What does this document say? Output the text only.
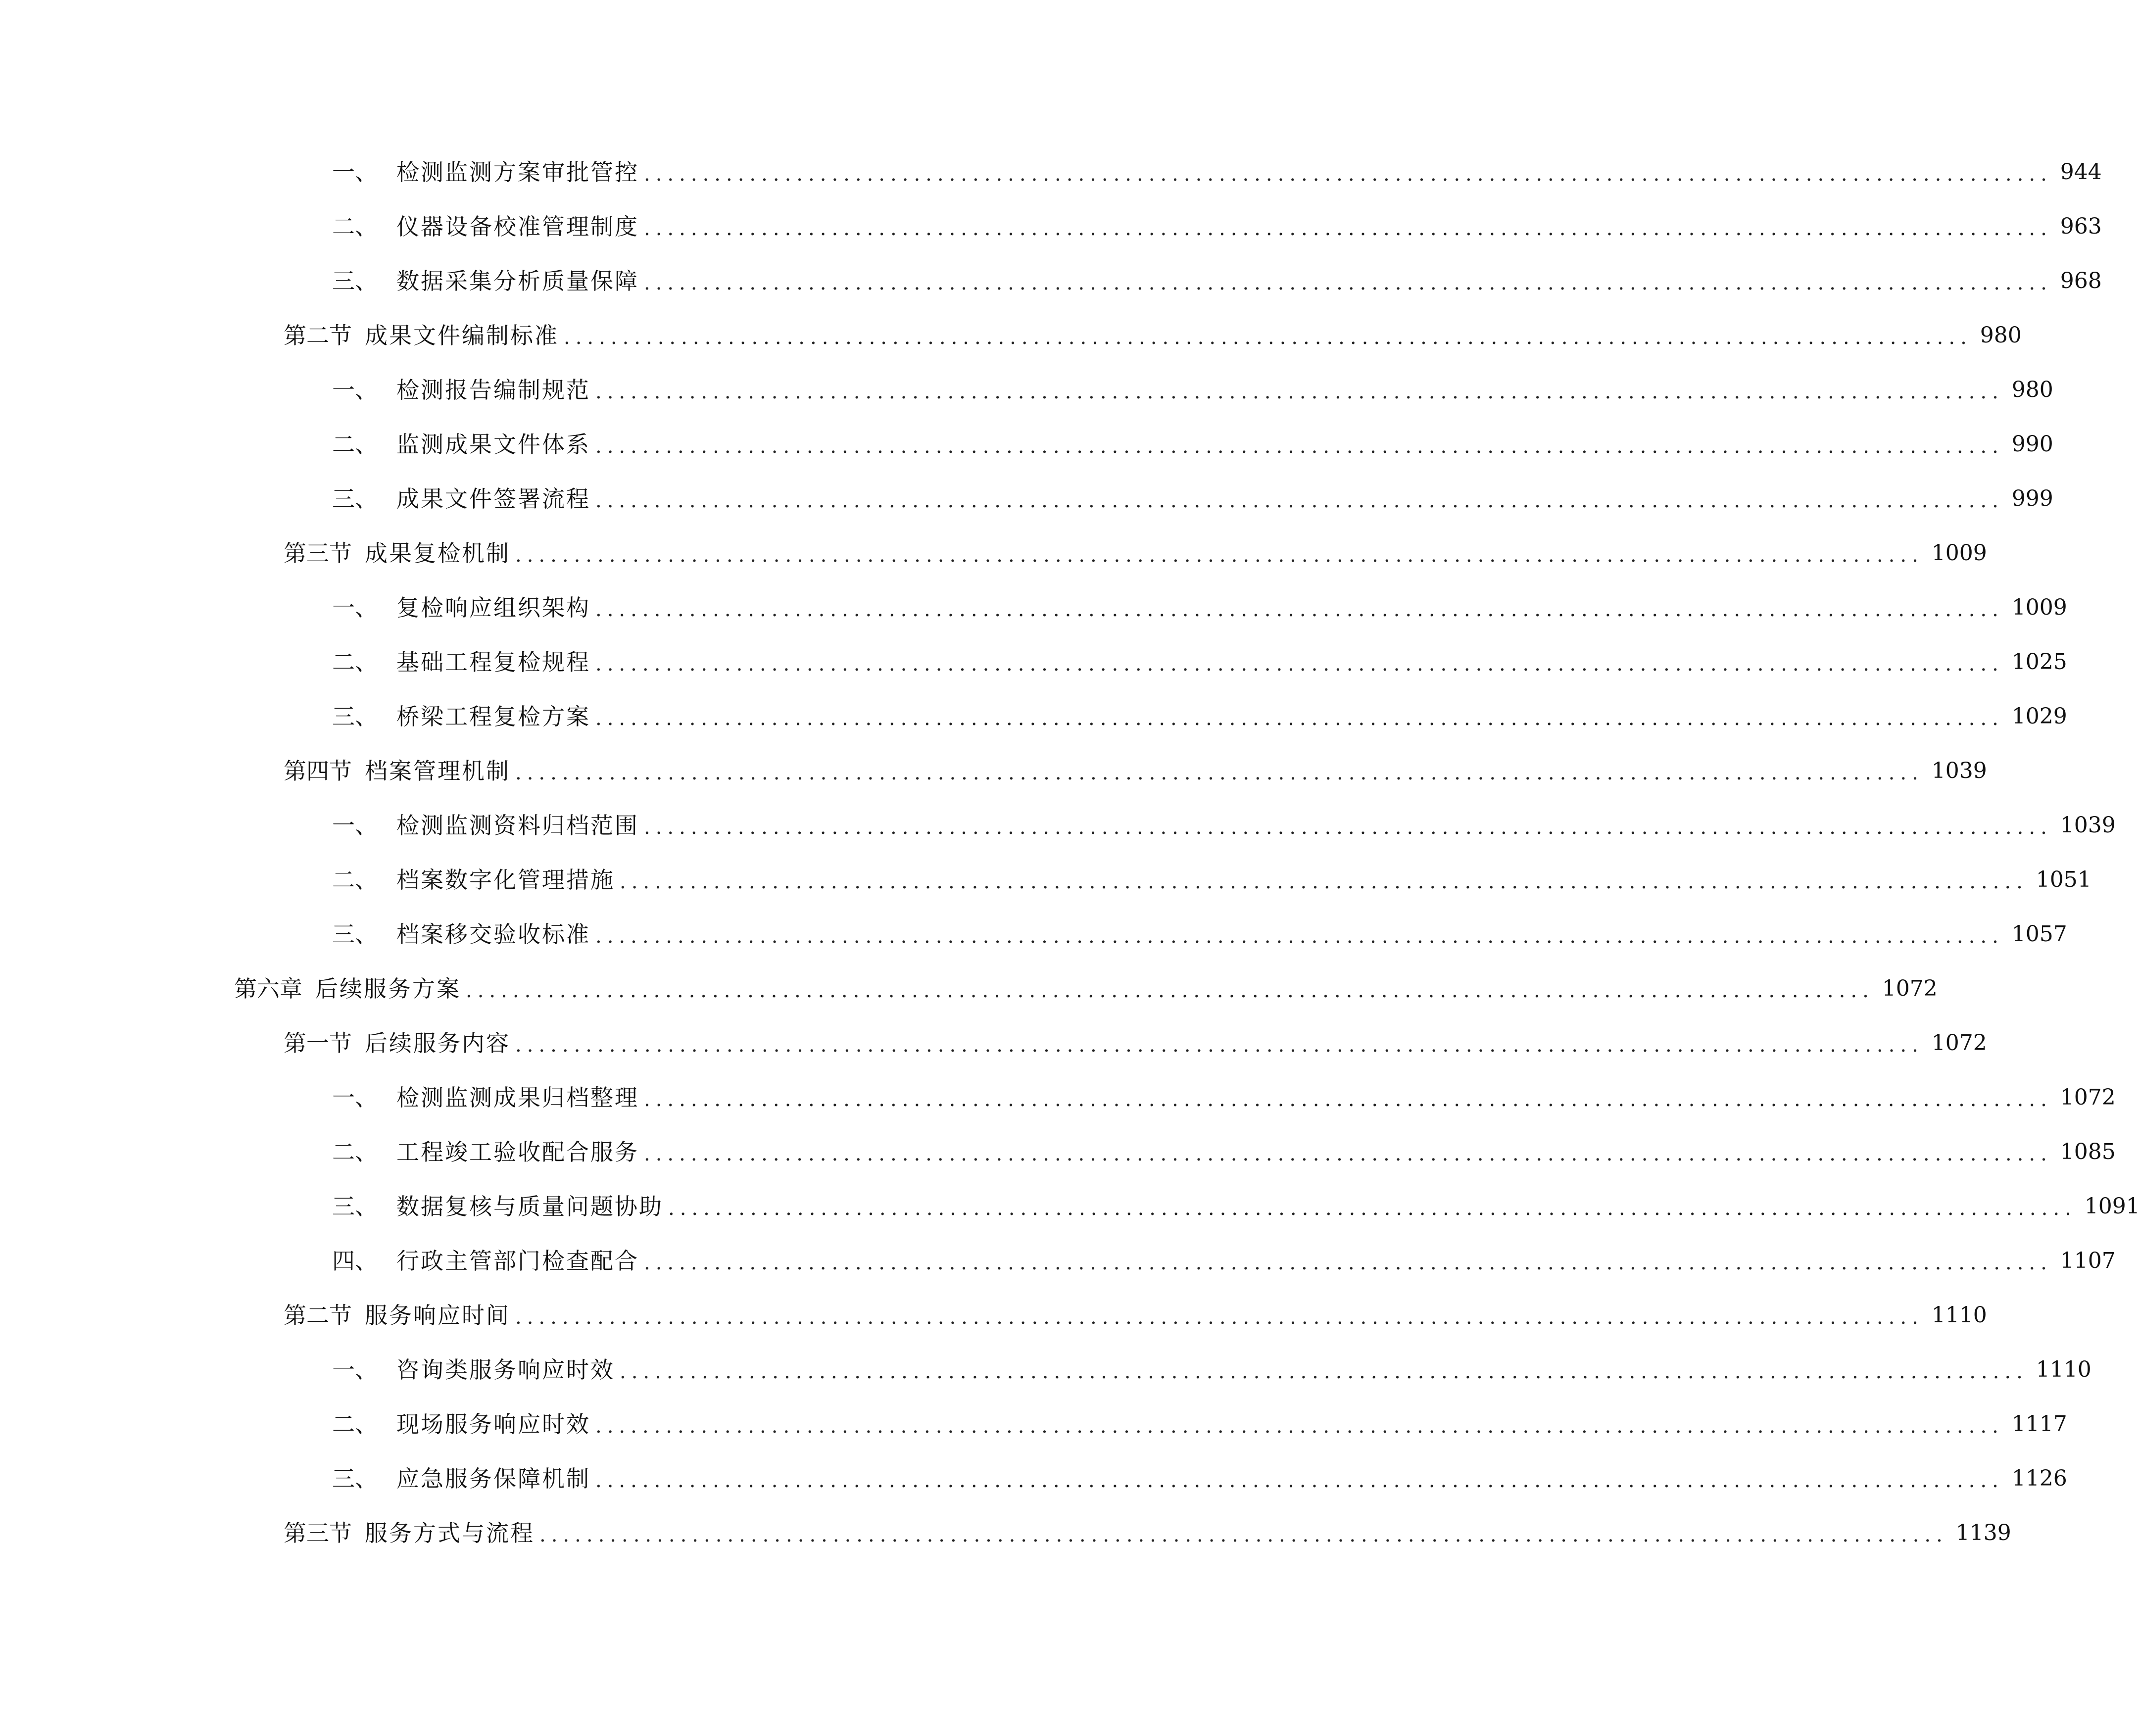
一、 检测监测方案审批管控 ........................................................................................................................ 944
二、 仪器设备校准管理制度 ........................................................................................................................ 963
三、 数据采集分析质量保障 ........................................................................................................................ 968
第二节 成果文件编制标准 ........................................................................................................................ 980
一、 检测报告编制规范 ........................................................................................................................ 980
二、 监测成果文件体系 ........................................................................................................................ 990
三、 成果文件签署流程 ........................................................................................................................ 999
第三节 成果复检机制 ........................................................................................................................ 1009
一、 复检响应组织架构 ........................................................................................................................ 1009
二、 基础工程复检规程 ........................................................................................................................ 1025
三、 桥梁工程复检方案 ........................................................................................................................ 1029
第四节 档案管理机制 ........................................................................................................................ 1039
一、 检测监测资料归档范围 ........................................................................................................................ 1039
二、 档案数字化管理措施 ........................................................................................................................ 1051
三、 档案移交验收标准 ........................................................................................................................ 1057
第六章 后续服务方案 ........................................................................................................................ 1072
第一节 后续服务内容 ........................................................................................................................ 1072
一、 检测监测成果归档整理 ........................................................................................................................ 1072
二、 工程竣工验收配合服务 ........................................................................................................................ 1085
三、 数据复核与质量问题协助 ........................................................................................................................ 1091
四、 行政主管部门检查配合 ........................................................................................................................ 1107
第二节 服务响应时间 ........................................................................................................................ 1110
一、 咨询类服务响应时效 ........................................................................................................................ 1110
二、 现场服务响应时效 ........................................................................................................................ 1117
三、 应急服务保障机制 ........................................................................................................................ 1126
第三节 服务方式与流程 ........................................................................................................................ 1139
